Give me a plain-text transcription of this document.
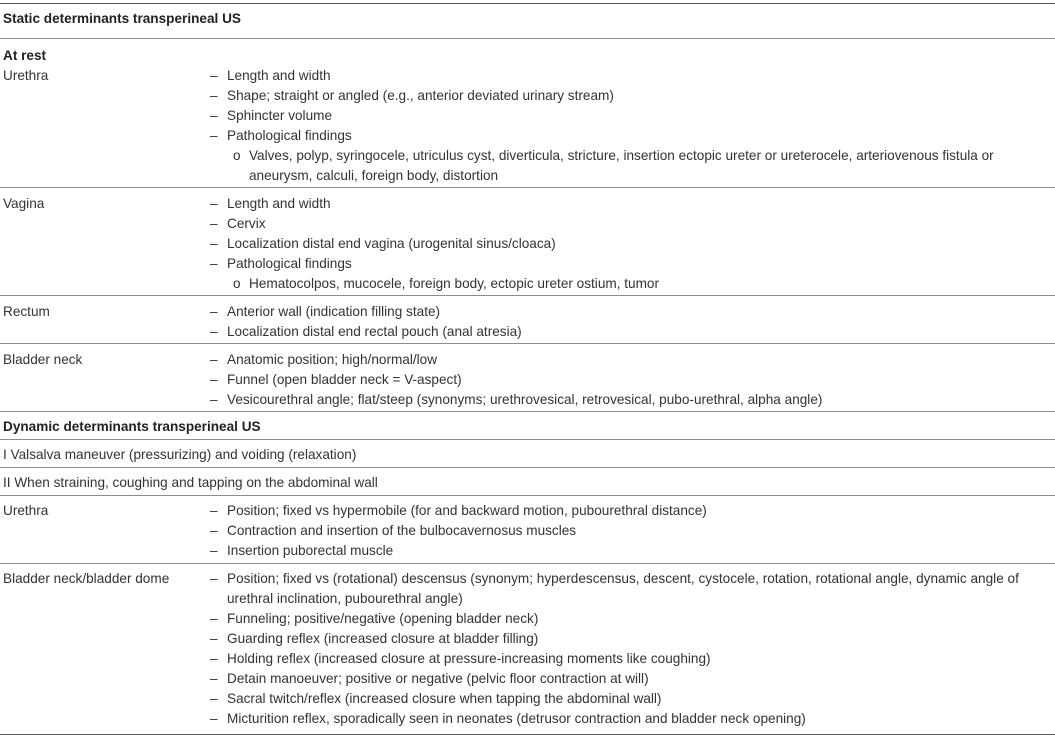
Static determinants transperineal US
At rest
Urethra	– Length and width
– Shape; straight or angled (e.g., anterior deviated urinary stream)
– Sphincter volume
– Pathological findings
o Valves, polyp, syringocele, utriculus cyst, diverticula, stricture, insertion ectopic ureter or ureterocele, arteriovenous fistula or
aneurysm, calculi, foreign body, distortion
Vagina	– Length and width
– Cervix
– Localization distal end vagina (urogenital sinus/cloaca)
– Pathological findings
o Hematocolpos, mucocele, foreign body, ectopic ureter ostium, tumor
Rectum	– Anterior wall (indication filling state)
– Localization distal end rectal pouch (anal atresia)
Bladder neck	– Anatomic position; high/normal/low
– Funnel (open bladder neck = V-aspect)
– Vesicourethral angle; flat/steep (synonyms; urethrovesical, retrovesical, pubo-urethral, alpha angle)
Dynamic determinants transperineal US
I Valsalva maneuver (pressurizing) and voiding (relaxation)
II When straining, coughing and tapping on the abdominal wall
Urethra	– Position; fixed vs hypermobile (for and backward motion, pubourethral distance)
– Contraction and insertion of the bulbocavernosus muscles
– Insertion puborectal muscle
Bladder neck/bladder dome	– Position; fixed vs (rotational) descensus (synonym; hyperdescensus, descent, cystocele, rotation, rotational angle, dynamic angle of
urethral inclination, pubourethral angle)
– Funneling; positive/negative (opening bladder neck)
– Guarding reflex (increased closure at bladder filling)
– Holding reflex (increased closure at pressure-increasing moments like coughing)
– Detain manoeuver; positive or negative (pelvic floor contraction at will)
– Sacral twitch/reflex (increased closure when tapping the abdominal wall)
– Micturition reflex, sporadically seen in neonates (detrusor contraction and bladder neck opening)
